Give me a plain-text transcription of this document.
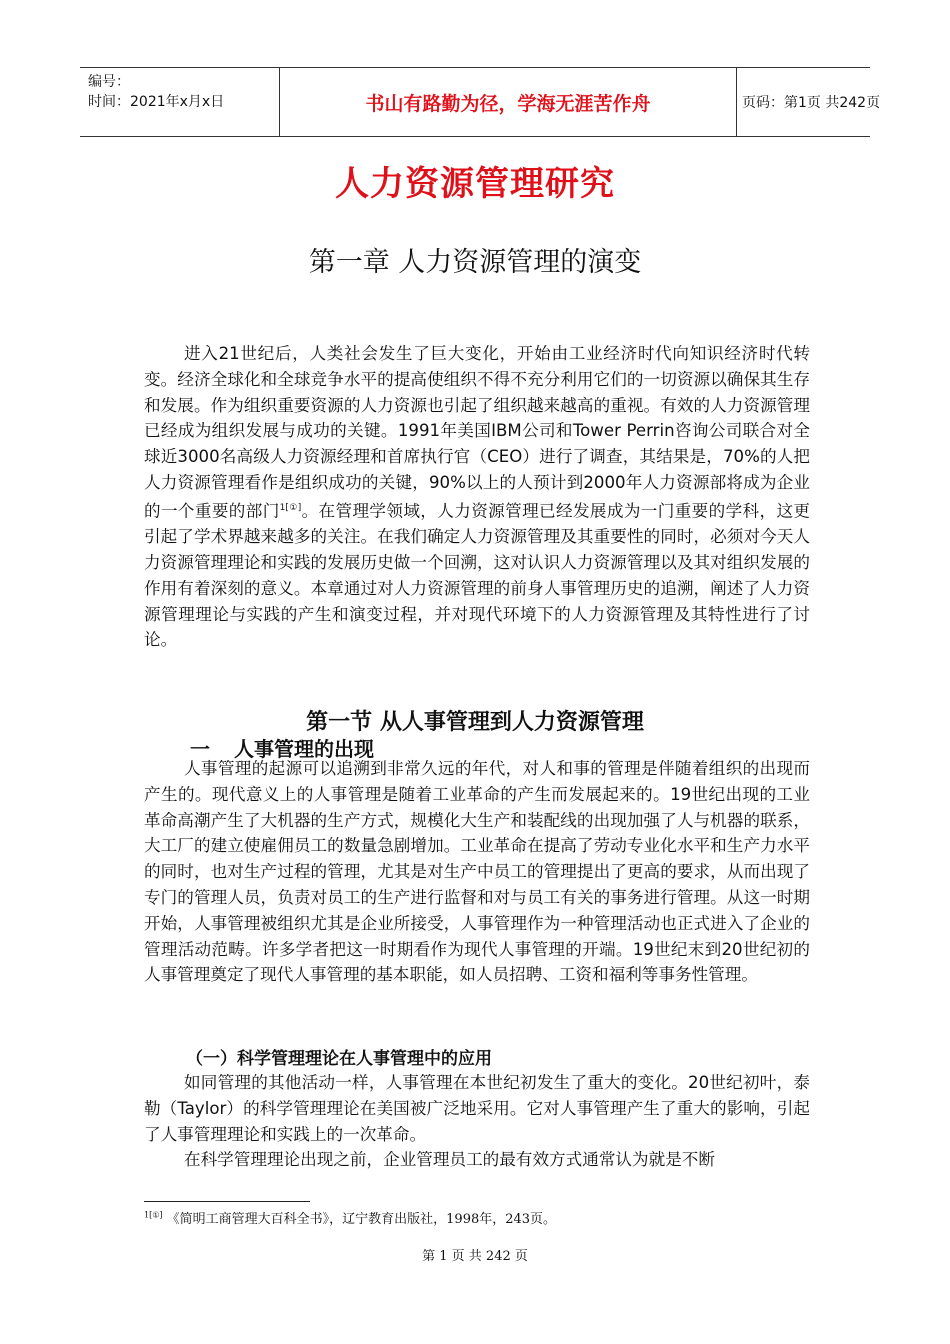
编号：
时间：2021年x月x日	书山有路勤为径，学海无涯苦作舟	页码：第1页 共242页
人力资源管理研究
第一章 人力资源管理的演变
进入21世纪后，人类社会发生了巨大变化，开始由工业经济时代向知识经济时代转变。经济全球化和全球竞争水平的提高使组织不得不充分利用它们的一切资源以确保其生存和发展。作为组织重要资源的人力资源也引起了组织越来越高的重视。有效的人力资源管理已经成为组织发展与成功的关键。1991年美国IBM公司和Tower Perrin咨询公司联合对全球近3000名高级人力资源经理和首席执行官（CEO）进行了调查，其结果是，70%的人把人力资源管理看作是组织成功的关键，90%以上的人预计到2000年人力资源部将成为企业的一个重要的部门$^{1[①]}$。在管理学领域，人力资源管理已经发展成为一门重要的学科，这更引起了学术界越来越多的关注。在我们确定人力资源管理及其重要性的同时，必须对今天人力资源管理理论和实践的发展历史做一个回溯，这对认识人力资源管理以及其对组织发展的作用有着深刻的意义。本章通过对人力资源管理的前身人事管理历史的追溯，阐述了人力资源管理理论与实践的产生和演变过程，并对现代环境下的人力资源管理及其特性进行了讨论。
第一节 从人事管理到人力资源管理
一 人事管理的出现
人事管理的起源可以追溯到非常久远的年代，对人和事的管理是伴随着组织的出现而产生的。现代意义上的人事管理是随着工业革命的产生而发展起来的。19世纪出现的工业革命高潮产生了大机器的生产方式，规模化大生产和装配线的出现加强了人与机器的联系，大工厂的建立使雇佣员工的数量急剧增加。工业革命在提高了劳动专业化水平和生产力水平的同时，也对生产过程的管理，尤其是对生产中员工的管理提出了更高的要求，从而出现了专门的管理人员，负责对员工的生产进行监督和对与员工有关的事务进行管理。从这一时期开始，人事管理被组织尤其是企业所接受，人事管理作为一种管理活动也正式进入了企业的管理活动范畴。许多学者把这一时期看作为现代人事管理的开端。19世纪末到20世纪初的人事管理奠定了现代人事管理的基本职能，如人员招聘、工资和福利等事务性管理。
（一）科学管理理论在人事管理中的应用
如同管理的其他活动一样，人事管理在本世纪初发生了重大的变化。20世纪初叶，泰勒（Taylor）的科学管理理论在美国被广泛地采用。它对人事管理产生了重大的影响，引起了人事管理理论和实践上的一次革命。
在科学管理理论出现之前，企业管理员工的最有效方式通常认为就是不断
$^{1[①]}$ 《简明工商管理大百科全书》，辽宁教育出版社，1998年，243页。
第 1 页 共 242 页
